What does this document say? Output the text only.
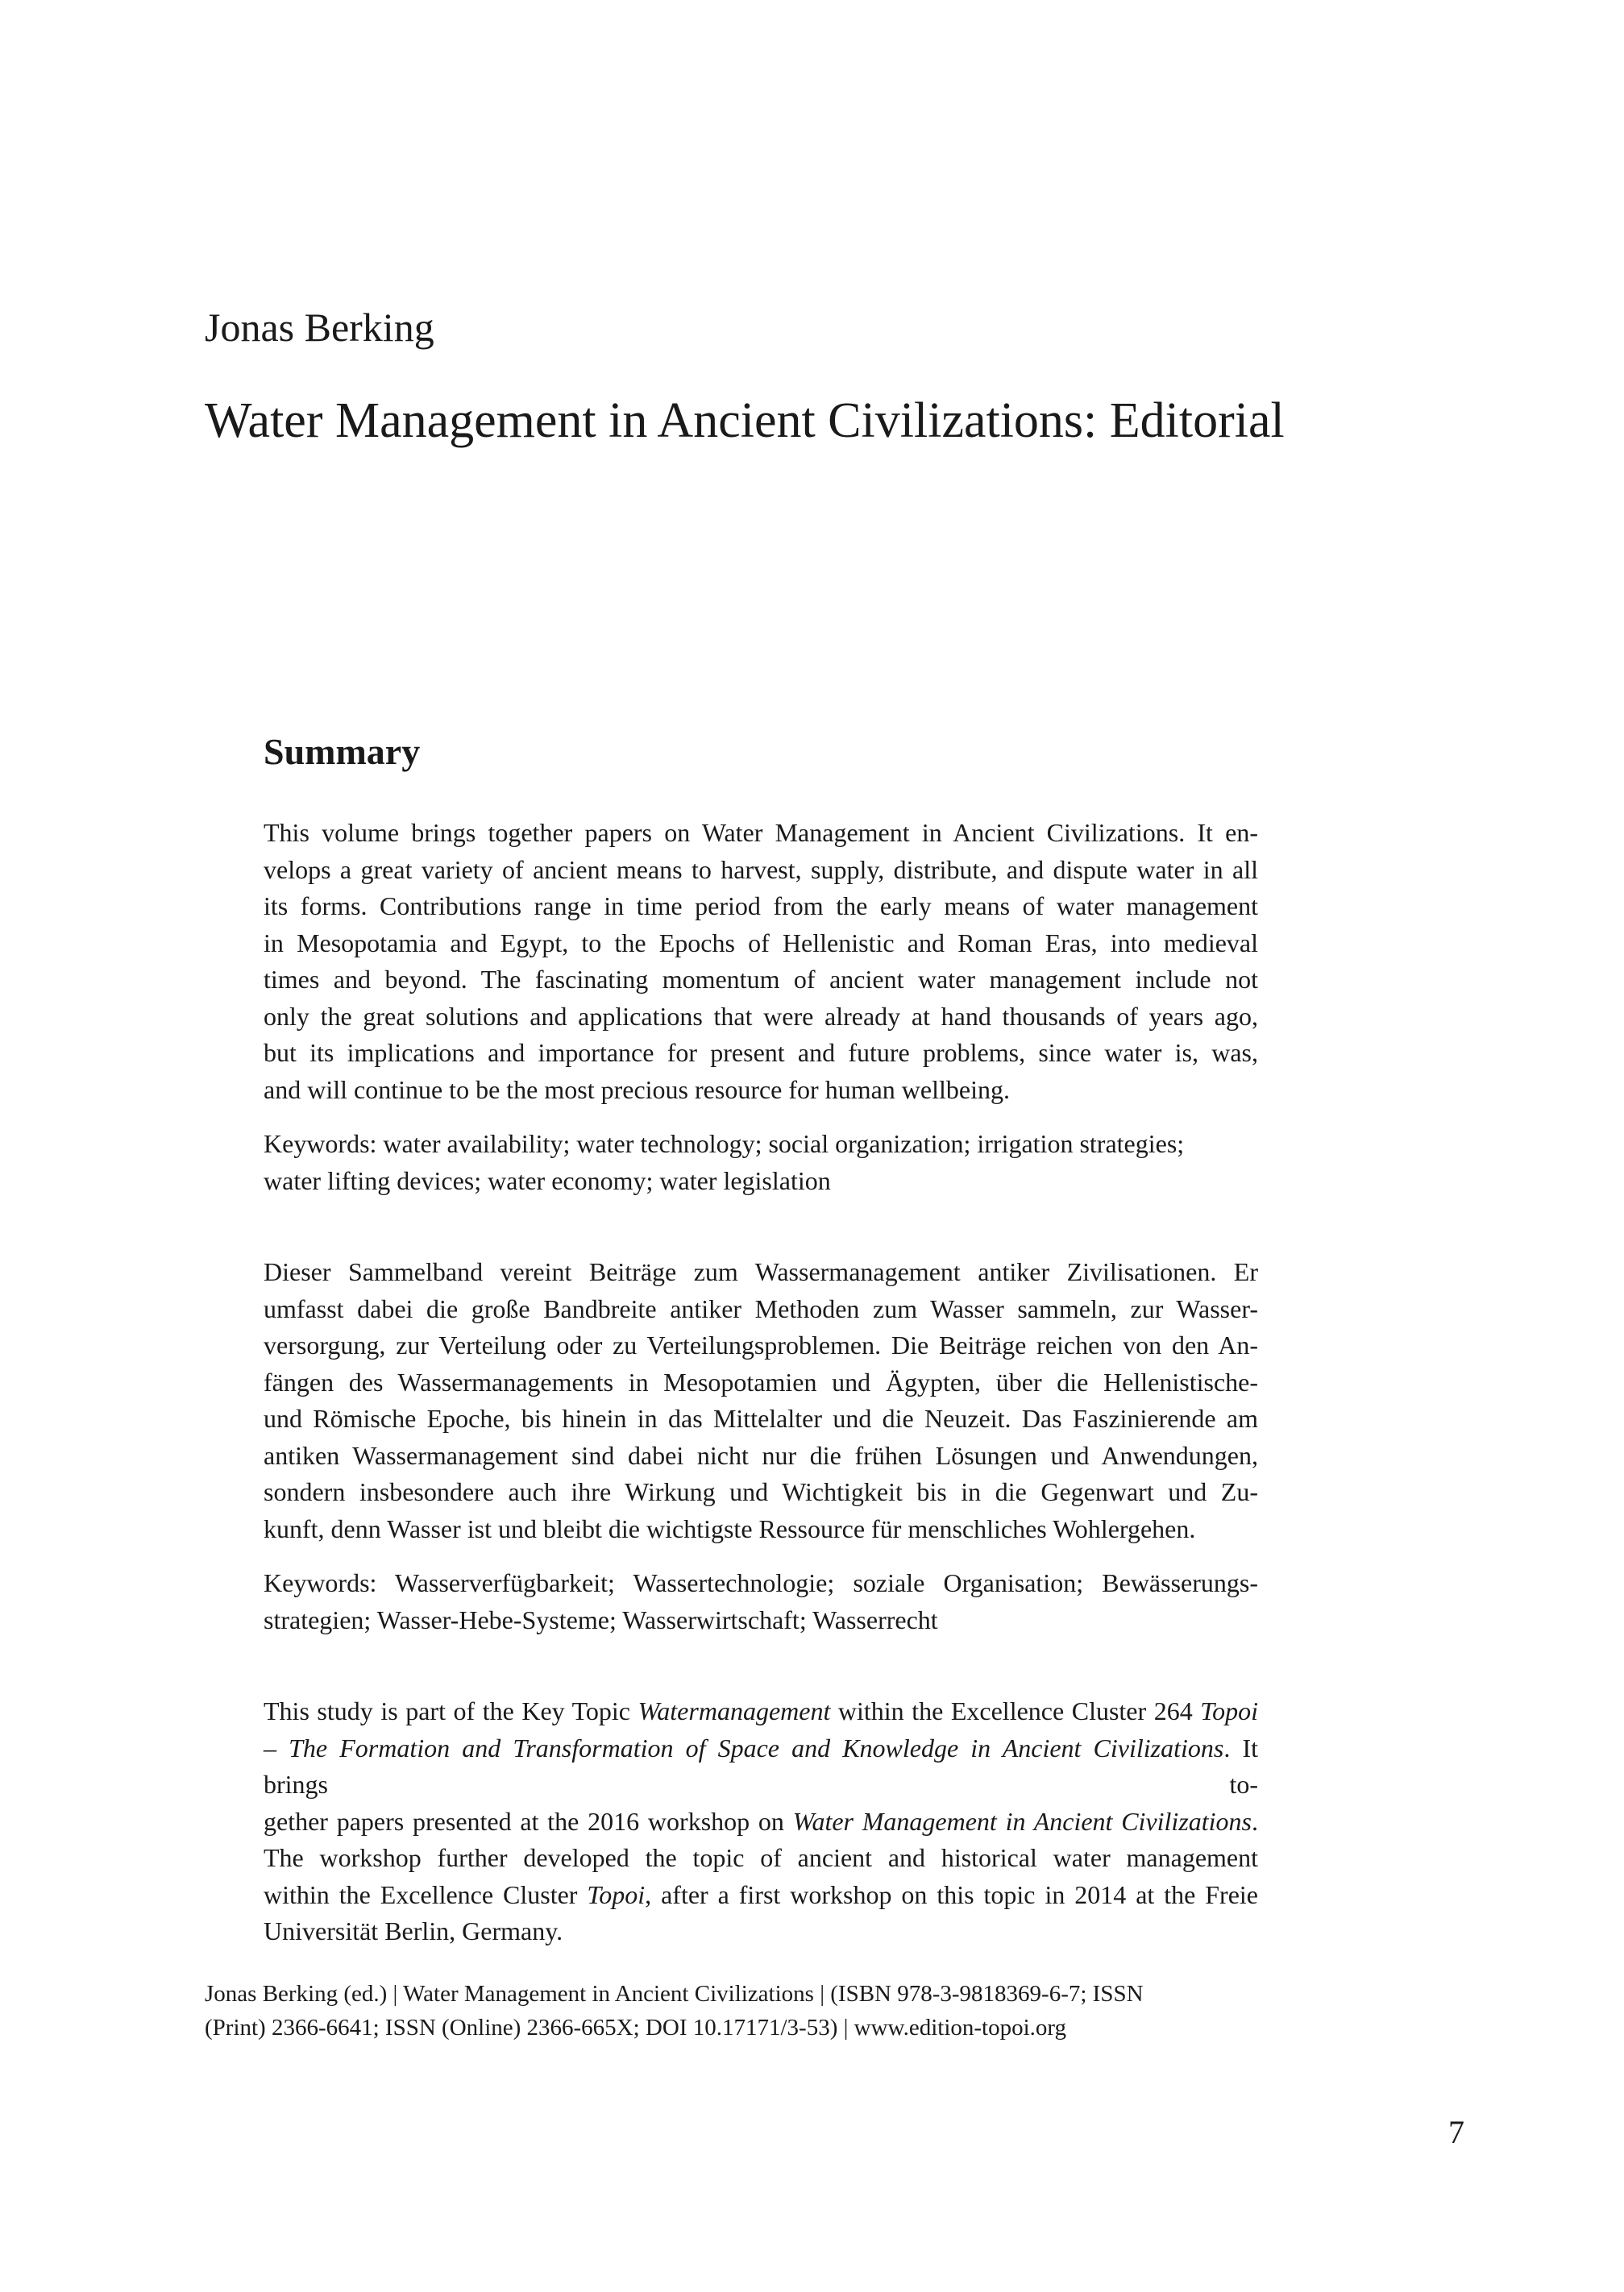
Jonas Berking
Water Management in Ancient Civilizations: Editorial
Summary

This volume brings together papers on Water Management in Ancient Civilizations. It en-
velops a great variety of ancient means to harvest, supply, distribute, and dispute water in all
its forms. Contributions range in time period from the early means of water management
in Mesopotamia and Egypt, to the Epochs of Hellenistic and Roman Eras, into medieval
times and beyond. The fascinating momentum of ancient water management include not
only the great solutions and applications that were already at hand thousands of years ago,
but its implications and importance for present and future problems, since water is, was,
and will continue to be the most precious resource for human wellbeing.

Keywords: water availability; water technology; social organization; irrigation strategies;
water lifting devices; water economy; water legislation

Dieser Sammelband vereint Beiträge zum Wassermanagement antiker Zivilisationen. Er
umfasst dabei die große Bandbreite antiker Methoden zum Wasser sammeln, zur Wasser-
versorgung, zur Verteilung oder zu Verteilungsproblemen. Die Beiträge reichen von den An-
fängen des Wassermanagements in Mesopotamien und Ägypten, über die Hellenistische-
und Römische Epoche, bis hinein in das Mittelalter und die Neuzeit. Das Faszinierende am
antiken Wassermanagement sind dabei nicht nur die frühen Lösungen und Anwendungen,
sondern insbesondere auch ihre Wirkung und Wichtigkeit bis in die Gegenwart und Zu-
kunft, denn Wasser ist und bleibt die wichtigste Ressource für menschliches Wohlergehen.

Keywords: Wasserverfügbarkeit; Wassertechnologie; soziale Organisation; Bewässerungs-
strategien; Wasser-Hebe-Systeme; Wasserwirtschaft; Wasserrecht

This study is part of the Key Topic Watermanagement within the Excellence Cluster 264 Topoi
– The Formation and Transformation of Space and Knowledge in Ancient Civilizations. It brings to-
gether papers presented at the 2016 workshop on Water Management in Ancient Civilizations.
The workshop further developed the topic of ancient and historical water management
within the Excellence Cluster Topoi, after a first workshop on this topic in 2014 at the Freie
Universität Berlin, Germany.

Jonas Berking (ed.) | Water Management in Ancient Civilizations | (ISBN 978-3-9818369-6-7; ISSN
(Print) 2366-6641; ISSN (Online) 2366-665X; DOI 10.17171/3-53) | www.edition-topoi.org

7
